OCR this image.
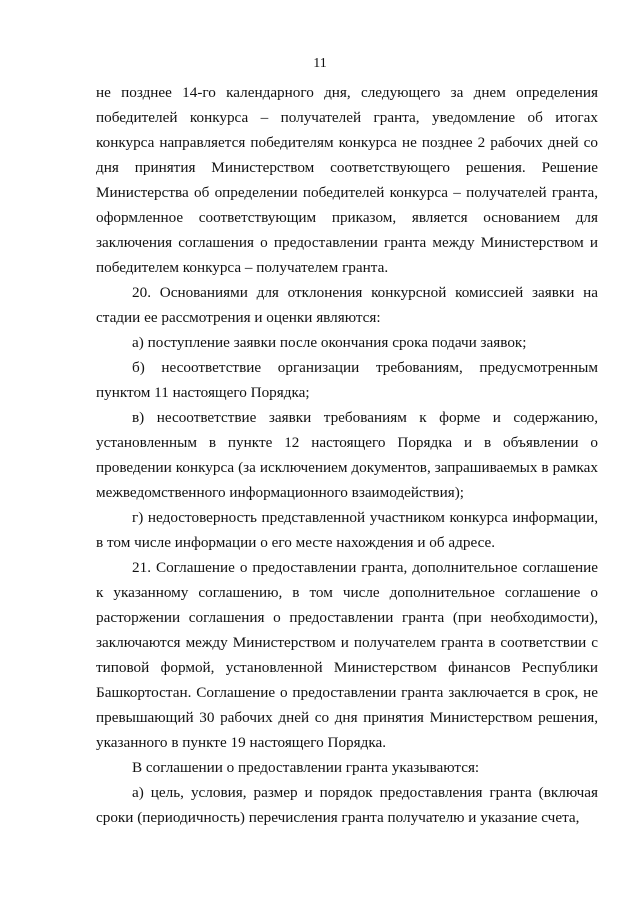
11

не позднее 14-го календарного дня, следующего за днем определения победителей конкурса – получателей гранта, уведомление об итогах конкурса направляется победителям конкурса не позднее 2 рабочих дней со дня принятия Министерством соответствующего решения. Решение Министерства об определении победителей конкурса – получателей гранта, оформленное соответствующим приказом, является основанием для заключения соглашения о предоставлении гранта между Министерством и победителем конкурса – получателем гранта.

20. Основаниями для отклонения конкурсной комиссией заявки на стадии ее рассмотрения и оценки являются:

а) поступление заявки после окончания срока подачи заявок;

б) несоответствие организации требованиям, предусмотренным пунктом 11 настоящего Порядка;

в) несоответствие заявки требованиям к форме и содержанию, установленным в пункте 12 настоящего Порядка и в объявлении о проведении конкурса (за исключением документов, запрашиваемых в рамках межведомственного информационного взаимодействия);

г) недостоверность представленной участником конкурса информации, в том числе информации о его месте нахождения и об адресе.

21. Соглашение о предоставлении гранта, дополнительное соглашение к указанному соглашению, в том числе дополнительное соглашение о расторжении соглашения о предоставлении гранта (при необходимости), заключаются между Министерством и получателем гранта в соответствии с типовой формой, установленной Министерством финансов Республики Башкортостан. Соглашение о предоставлении гранта заключается в срок, не превышающий 30 рабочих дней со дня принятия Министерством решения, указанного в пункте 19 настоящего Порядка.

В соглашении о предоставлении гранта указываются:

а) цель, условия, размер и порядок предоставления гранта (включая сроки (периодичность) перечисления гранта получателю и указание счета,
